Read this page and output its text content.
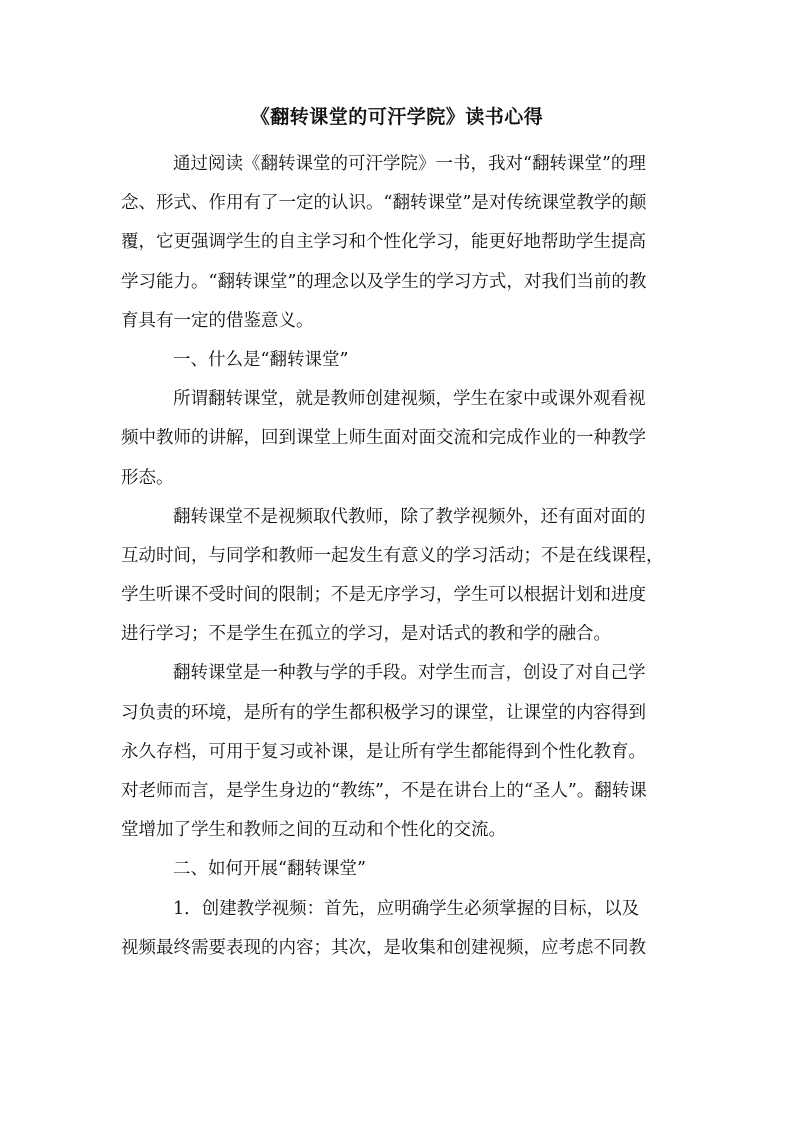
《翻转课堂的可汗学院》读书心得
通过阅读《翻转课堂的可汗学院》一书，我对“翻转课堂”的理
念、形式、作用有了一定的认识。“翻转课堂”是对传统课堂教学的颠
覆，它更强调学生的自主学习和个性化学习，能更好地帮助学生提高
学习能力。“翻转课堂”的理念以及学生的学习方式，对我们当前的教
育具有一定的借鉴意义。
一、什么是“翻转课堂”
所谓翻转课堂，就是教师创建视频，学生在家中或课外观看视
频中教师的讲解，回到课堂上师生面对面交流和完成作业的一种教学
形态。
翻转课堂不是视频取代教师，除了教学视频外，还有面对面的
互动时间，与同学和教师一起发生有意义的学习活动；不是在线课程，
学生听课不受时间的限制；不是无序学习，学生可以根据计划和进度
进行学习；不是学生在孤立的学习，是对话式的教和学的融合。
翻转课堂是一种教与学的手段。对学生而言，创设了对自己学
习负责的环境，是所有的学生都积极学习的课堂，让课堂的内容得到
永久存档，可用于复习或补课，是让所有学生都能得到个性化教育。
对老师而言，是学生身边的“教练”，不是在讲台上的“圣人”。翻转课
堂增加了学生和教师之间的互动和个性化的交流。
二、如何开展“翻转课堂”
1．创建教学视频：首先，应明确学生必须掌握的目标，以及
视频最终需要表现的内容；其次，是收集和创建视频，应考虑不同教
